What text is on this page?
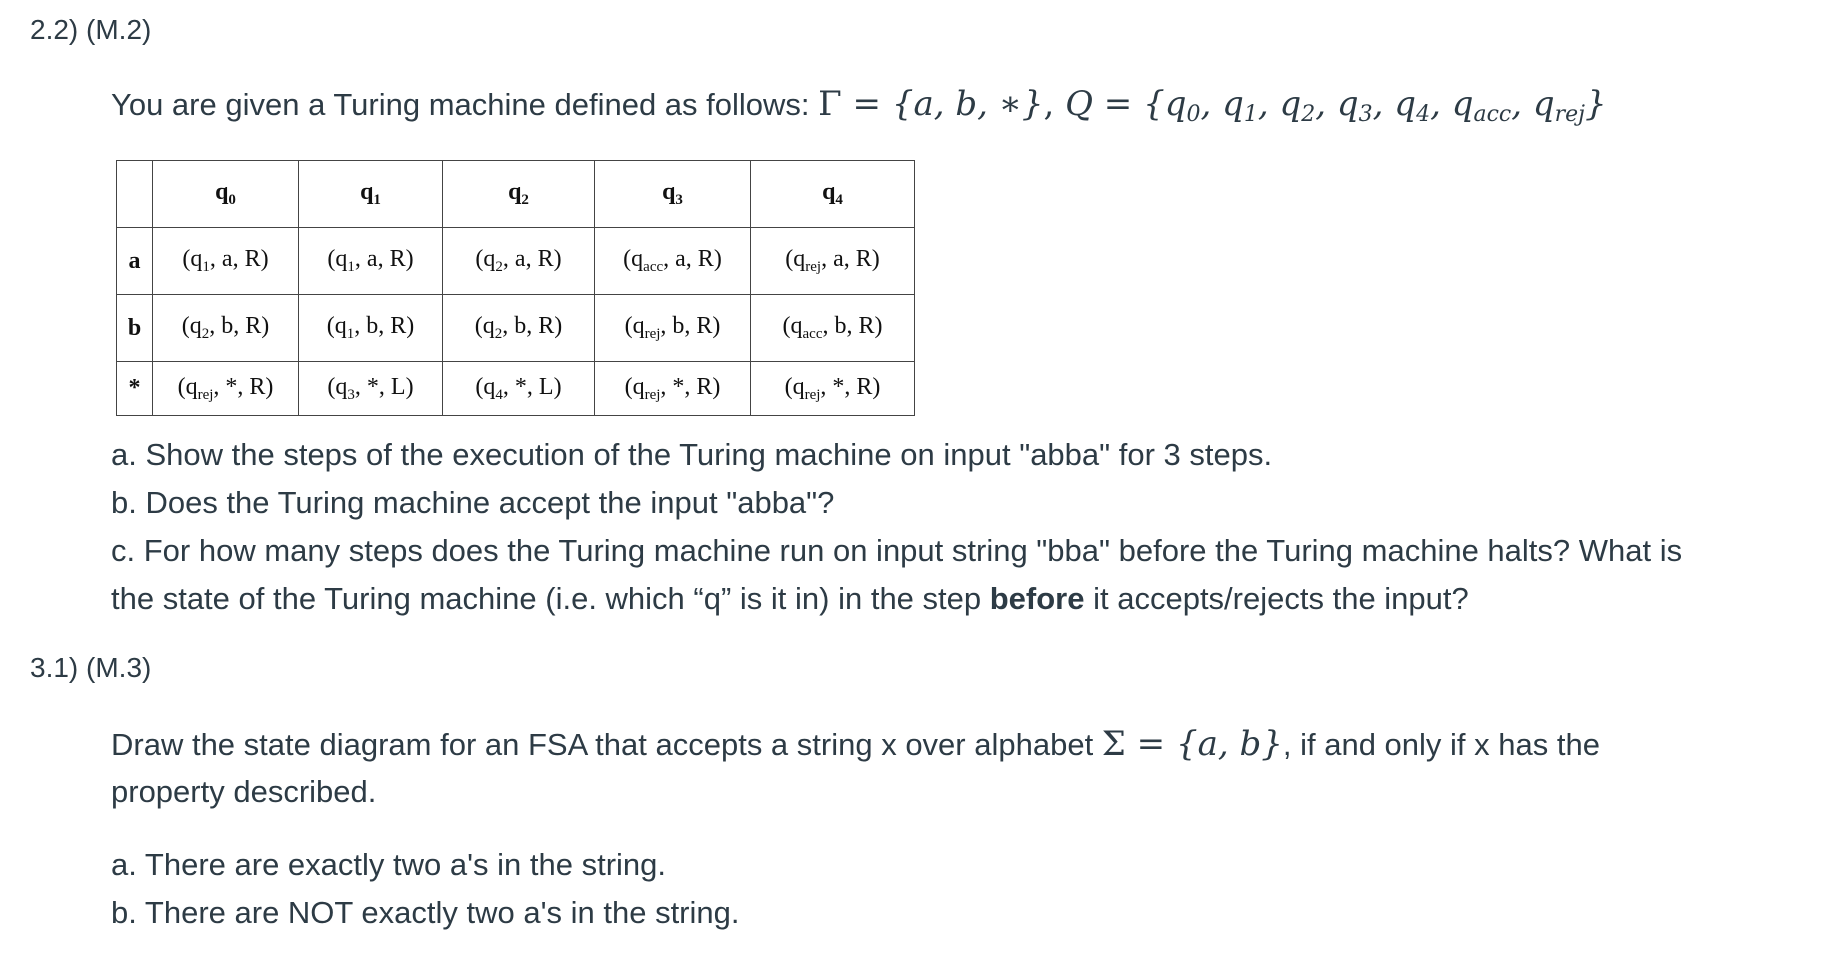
2.2) (M.2)
You are given a Turing machine defined as follows: Γ = {a, b, ∗}, $Q = \{q_0$, $q_1$, $q_2$, $q_3$, $q_4$, $q_{acc}$, $q_{rej}$}
	$q_0$	$q_1$	$q_2$	$q_3$	$q_4$
a	($q_1$, a, R)	($q_1$, a, R)	($q_2$, a, R)	($q_{acc}$, a, R)	($q_{rej}$, a, R)
b	($q_2$, b, R)	($q_1$, b, R)	($q_2$, b, R)	($q_{rej}$, b, R)	($q_{acc}$, b, R)
*	($q_{rej}$, *, R)	($q_3$, *, L)	($q_4$, *, L)	($q_{rej}$, *, R)	($q_{rej}$, *, R)
a. Show the steps of the execution of the Turing machine on input "abba" for 3 steps.
b. Does the Turing machine accept the input "abba"?
c. For how many steps does the Turing machine run on input string "bba" before the Turing machine halts? What is
the state of the Turing machine (i.e. which “q” is it in) in the step before it accepts/rejects the input?
3.1) (M.3)
Draw the state diagram for an FSA that accepts a string x over alphabet Σ = {a, b}, if and only if x has the
property described.
a. There are exactly two a's in the string.
b. There are NOT exactly two a's in the string.
